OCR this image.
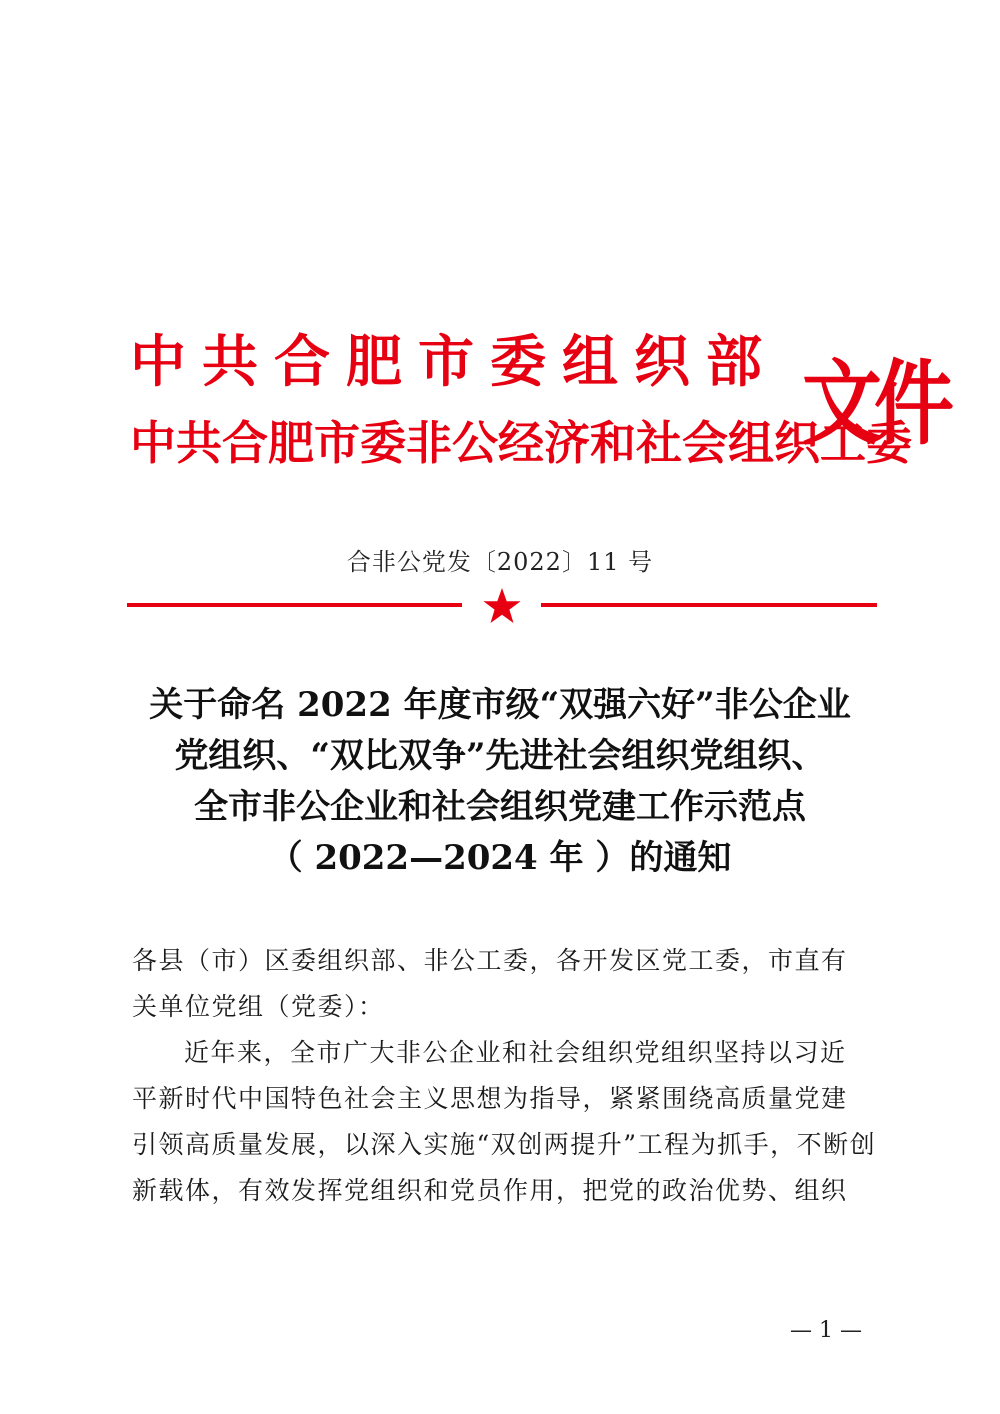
中共合肥市委组织部
中共合肥市委非公经济和社会组织工委
文件
合非公党发〔2022〕11 号
关于命名 2022 年度市级“双强六好”非公企业
党组织、“双比双争”先进社会组织党组织、
全市非公企业和社会组织党建工作示范点
（ 2022—2024 年 ）的通知
各县（市）区委组织部、非公工委，各开发区党工委，市直有
关单位党组（党委）：
近年来，全市广大非公企业和社会组织党组织坚持以习近
平新时代中国特色社会主义思想为指导，紧紧围绕高质量党建
引领高质量发展，以深入实施“双创两提升”工程为抓手，不断创
新载体，有效发挥党组织和党员作用，把党的政治优势、组织
— 1 —
